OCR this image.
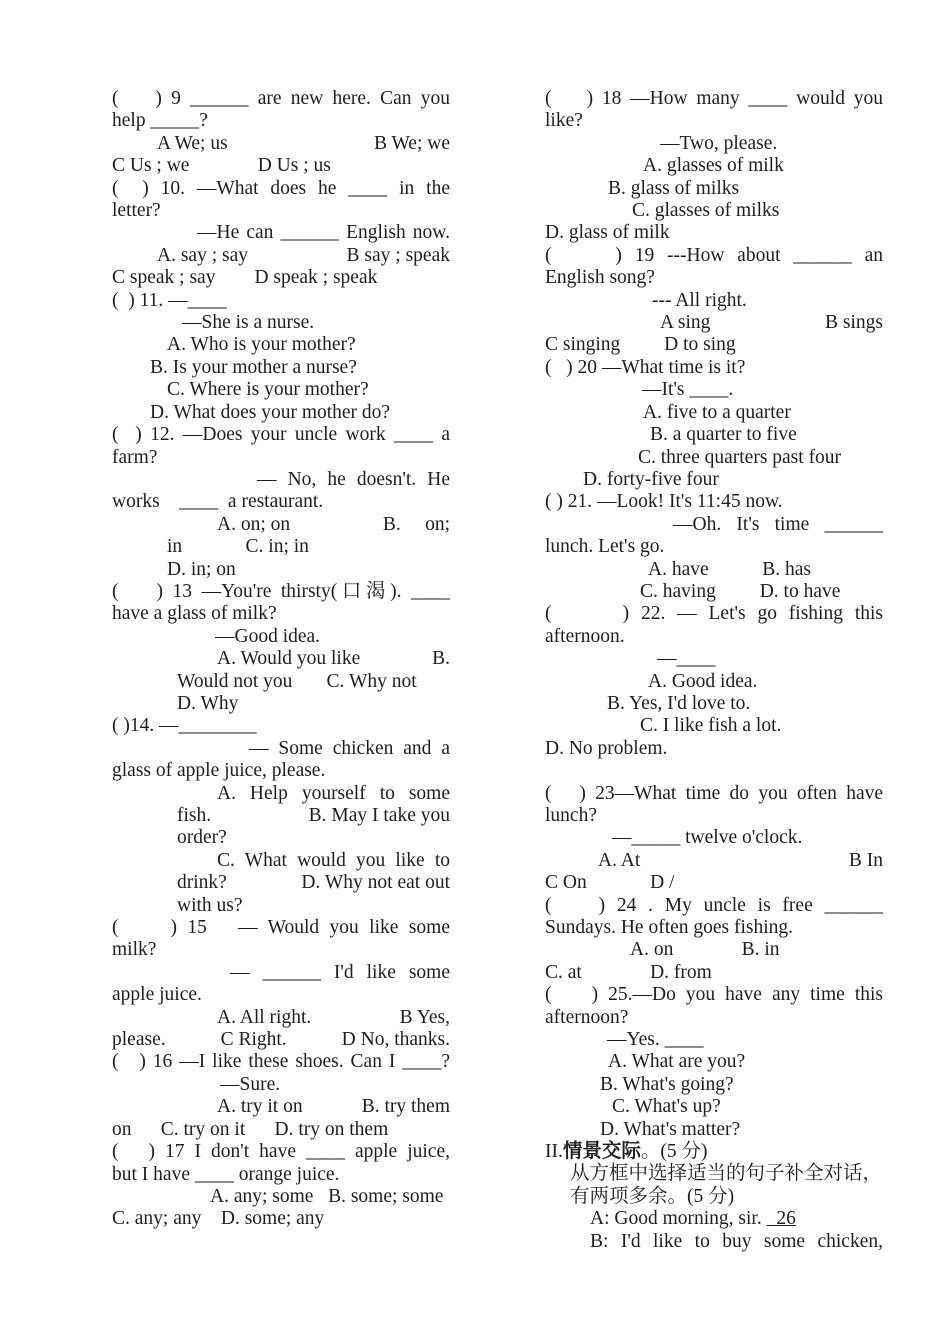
(    ) 9 ______ are new here. Can you
help _____?
A We; us	B We; we
C Us ; we              D Us ; us
(  ) 10. —What does he ____ in the
letter?
—He can ______ English now.
A. say ; say	B say ; speak
C speak ; say        D speak ; speak
(  ) 11. —____
—She is a nurse.
A. Who is your mother?
B. Is your mother a nurse?
C. Where is your mother?
D. What does your mother do?
(  ) 12. —Does your uncle work ____ a
farm?
— No, he doesn't. He
works    ____  a restaurant.
A. on; on	B.     on;
in             C. in; in
D. in; on
(    ) 13 —You're thirsty(口渴). ____
have a glass of milk?
—Good idea.
A. Would you like	B.
Would not you       C. Why not
D. Why
( )14. —________
— Some chicken and a
glass of apple juice, please.
A. Help yourself to some
fish.	B. May I take you
order?
C. What would you like to
drink?	D. Why not eat out
with us?
(     ) 15   — Would you like some
milk?
— ______ I'd like some
apple juice.
A. All right.	B Yes,
please.	C Right.	D No, thanks.
(   ) 16 —I like these shoes. Can I ____?
—Sure.
A. try it on	B. try them
on      C. try on it      D. try on them
(   ) 17 I don't have ____ apple juice,
but I have ____ orange juice.
A. any; some   B. some; some
C. any; any    D. some; any
(    ) 18 —How many ____ would you
like?
—Two, please.
A. glasses of milk
B. glass of milks
C. glasses of milks
D. glass of milk
(     ) 19 ---How about ______ an
English song?
--- All right.
A sing	B sings
C singing         D to sing
(   ) 20 —What time is it?
—It's ____.
A. five to a quarter
B. a quarter to five
C. three quarters past four
D. forty-five four
( ) 21. —Look! It's 11:45 now.
—Oh. It's time ______
lunch. Let's go.
A. have           B. has
C. having         D. to have
(      ) 22. — Let's go fishing this
afternoon.
—____
A. Good idea.
B. Yes, I'd love to.
C. I like fish a lot.
D. No problem.
(   ) 23—What time do you often have
lunch?
—_____ twelve o'clock.
A. At	B In
C On             D /
(    ) 24 . My uncle is free ______
Sundays. He often goes fishing.
A. on              B. in
C. at              D. from
(    ) 25.—Do you have any time this
afternoon?
—Yes. ____
A. What are you?
B. What's going?
C. What's up?
D. What's matter?
II.情景交际。(5 分)
从方框中选择适当的句子补全对话，
有两项多余。(5 分)
A: Good morning, sir.   26
B: I'd like to buy some chicken,
